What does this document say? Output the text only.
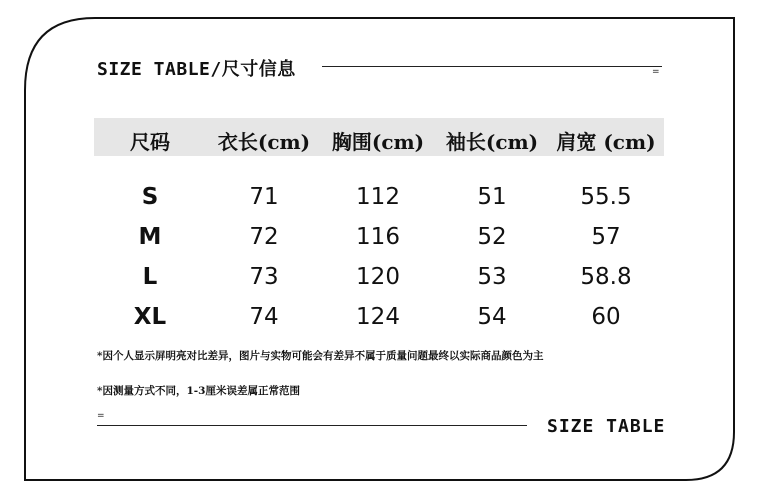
SIZE TABLE/尺寸信息	=
尺码 衣长(cm) 胸围(cm) 袖长(cm) 肩宽 (cm)
S	71	112	51	55.5
M	72	116	52	57
L	73	120	53	58.8
XL	74	124	54	60
*因个人显示屏明亮对比差异，图片与实物可能会有差异不属于质量问题最终以实际商品颜色为主
*因测量方式不同，1-3厘米误差属正常范围
=	SIZE TABLE
